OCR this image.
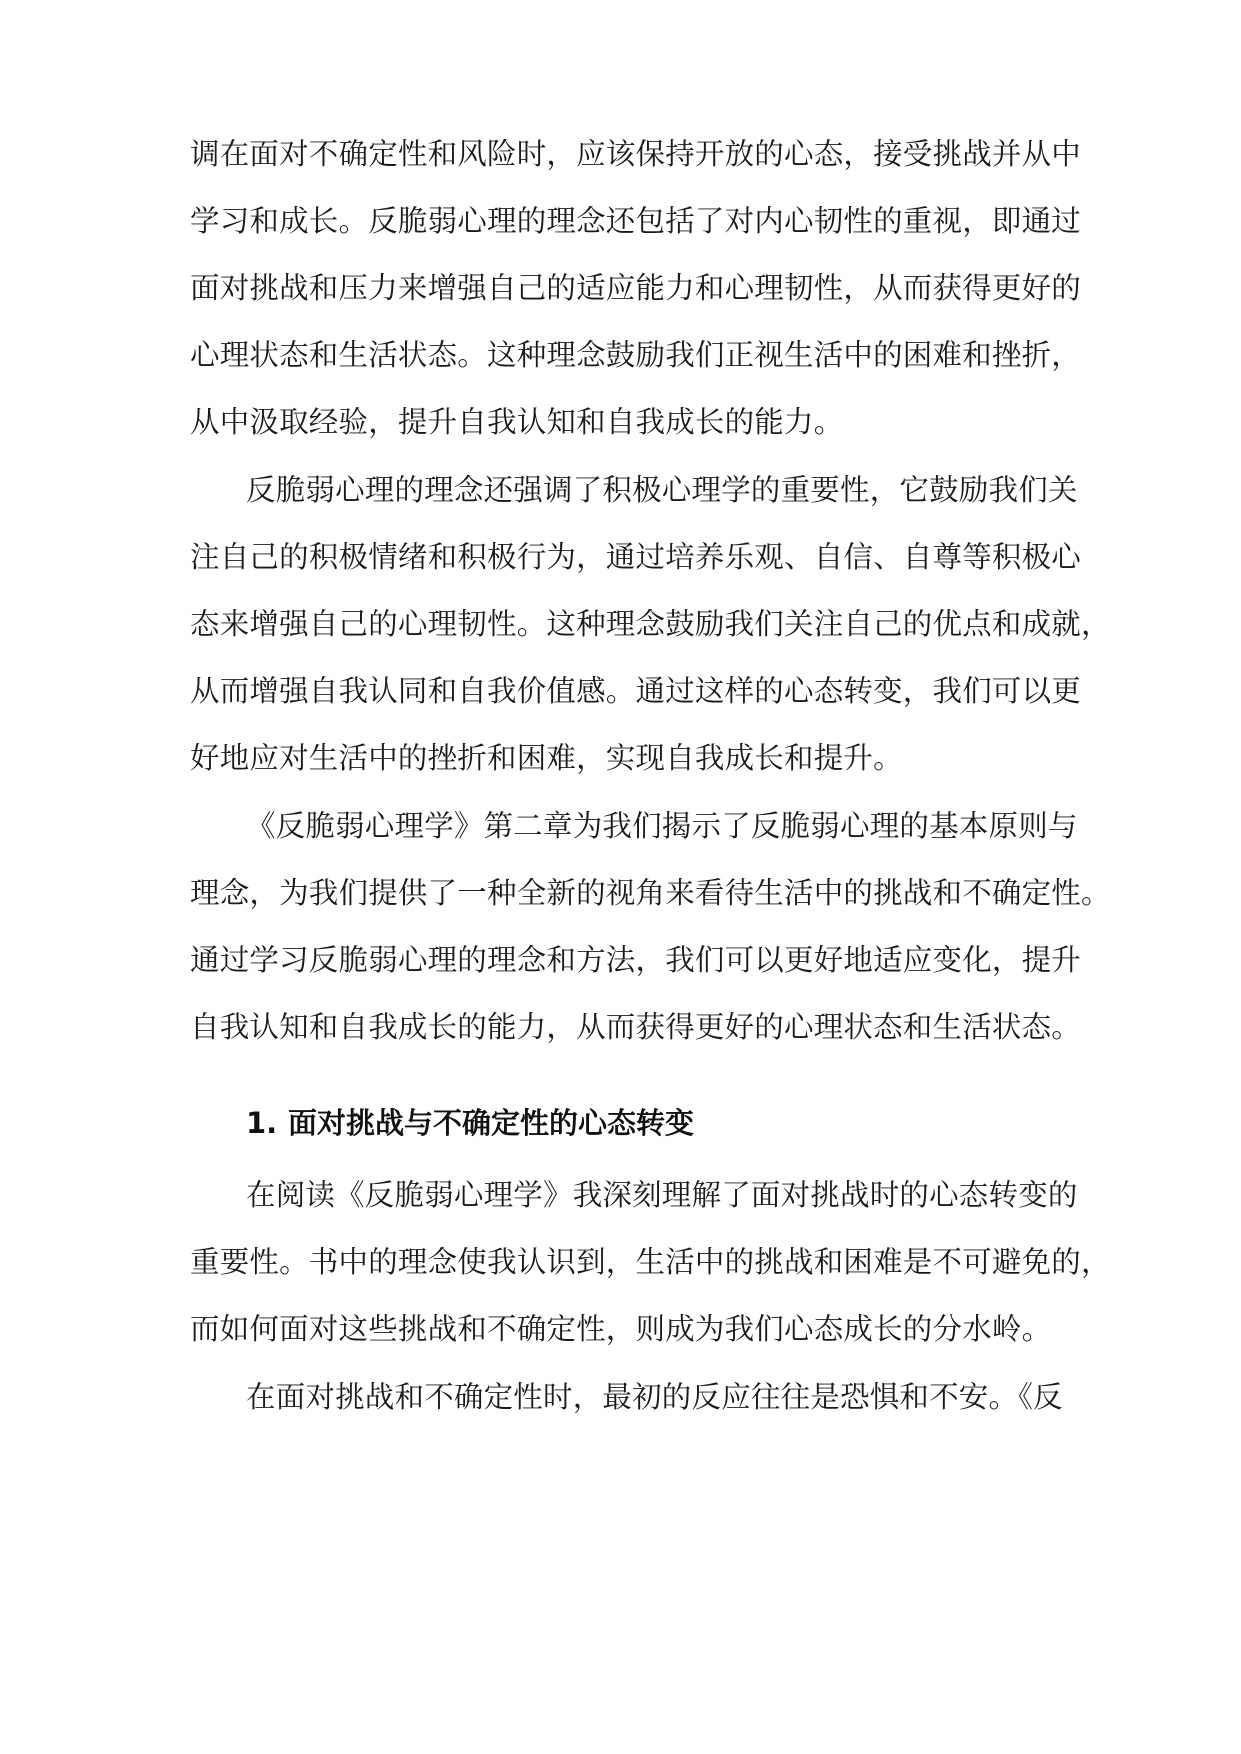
调在面对不确定性和风险时，应该保持开放的心态，接受挑战并从中
学习和成长。反脆弱心理的理念还包括了对内心韧性的重视，即通过
面对挑战和压力来增强自己的适应能力和心理韧性，从而获得更好的
心理状态和生活状态。这种理念鼓励我们正视生活中的困难和挫折，
从中汲取经验，提升自我认知和自我成长的能力。
反脆弱心理的理念还强调了积极心理学的重要性，它鼓励我们关
注自己的积极情绪和积极行为，通过培养乐观、自信、自尊等积极心
态来增强自己的心理韧性。这种理念鼓励我们关注自己的优点和成就，
从而增强自我认同和自我价值感。通过这样的心态转变，我们可以更
好地应对生活中的挫折和困难，实现自我成长和提升。
《反脆弱心理学》第二章为我们揭示了反脆弱心理的基本原则与
理念，为我们提供了一种全新的视角来看待生活中的挑战和不确定性。
通过学习反脆弱心理的理念和方法，我们可以更好地适应变化，提升
自我认知和自我成长的能力，从而获得更好的心理状态和生活状态。
1. 面对挑战与不确定性的心态转变
在阅读《反脆弱心理学》我深刻理解了面对挑战时的心态转变的
重要性。书中的理念使我认识到，生活中的挑战和困难是不可避免的，
而如何面对这些挑战和不确定性，则成为我们心态成长的分水岭。
在面对挑战和不确定性时，最初的反应往往是恐惧和不安。《反
